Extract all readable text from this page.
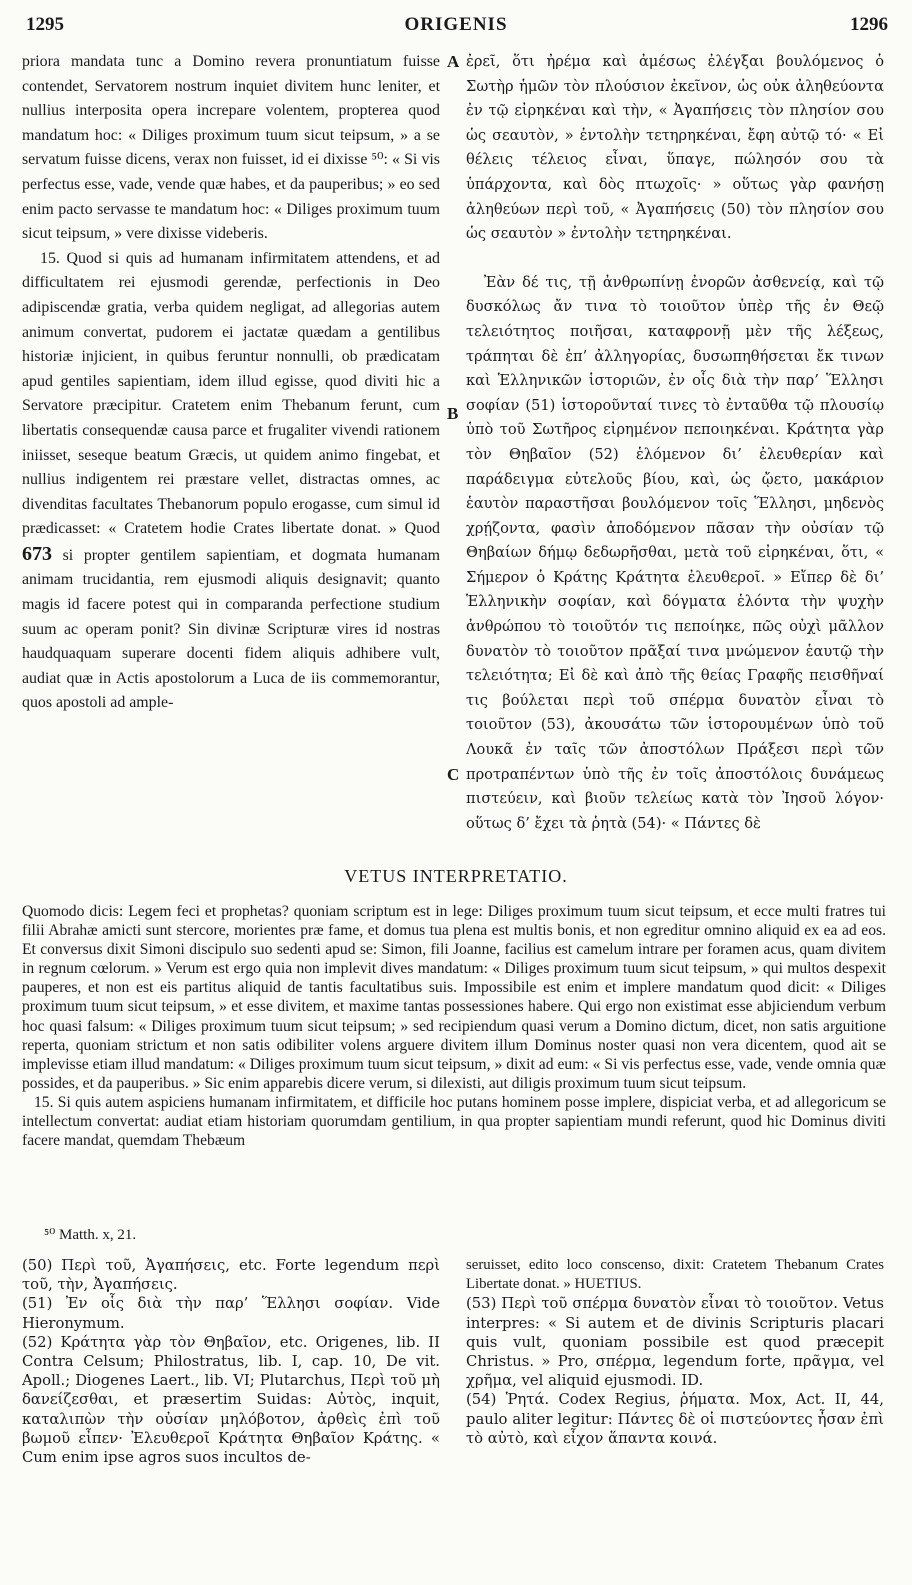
1295	ORIGENIS	1296

priora mandata tunc a Domino revera pronuntiatum fuisse contendet, Servatorem nostrum inquiet divitem hunc leniter, et nullius interposita opera increpare volentem, propterea quod mandatum hoc: « Diliges proximum tuum sicut teipsum, » a se servatum fuisse dicens, verax non fuisset, id ei dixisse ⁵⁰: « Si vis perfectus esse, vade, vende quæ habes, et da pauperibus; » eo sed enim pacto servasse te mandatum hoc: « Diliges proximum tuum sicut teipsum, » vere dixisse videberis.

15. Quod si quis ad humanam infirmitatem attendens, et ad difficultatem rei ejusmodi gerendæ, perfectionis in Deo adipiscendæ gratia, verba quidem negligat, ad allegorias autem animum convertat, pudorem ei jactatæ quædam a gentilibus historiæ injicient, in quibus feruntur nonnulli, ob prædicatam apud gentiles sapientiam, idem illud egisse, quod diviti hic a Servatore præcipitur. Cratetem enim Thebanum ferunt, cum libertatis consequendæ causa parce et frugaliter vivendi rationem iniisset, seseque beatum Græcis, ut quidem animo fingebat, et nullius indigentem rei præstare vellet, distractas omnes, ac divenditas facultates Thebanorum populo erogasse, cum simul id prædicasset: « Cratetem hodie Crates libertate donat. » Quod 673 si propter gentilem sapientiam, et dogmata humanam animam trucidantia, rem ejusmodi aliquis designavit; quanto magis id facere potest qui in comparanda perfectione studium suum ac operam ponit? Sin divinæ Scripturæ vires id nostras haudquaquam superare docenti fidem aliquis adhibere vult, audiat quæ in Actis apostolorum a Luca de iis commemorantur, quos apostoli ad ample-

A
B
C

ἐρεῖ, ὅτι ἠρέμα καὶ ἀμέσως ἐλέγξαι βουλόμενος ὁ Σωτὴρ ἡμῶν τὸν πλούσιον ἐκεῖνον, ὡς οὐκ ἀληθεύοντα ἐν τῷ εἰρηκέναι καὶ τὴν, « Ἀγαπήσεις τὸν πλησίον σου ὡς σεαυτὸν, » ἐντολὴν τετηρηκέναι, ἔφη αὐτῷ τό· « Εἰ θέλεις τέλειος εἶναι, ὕπαγε, πώλησόν σου τὰ ὑπάρχοντα, καὶ δὸς πτωχοῖς· » οὕτως γὰρ φανήσῃ ἀληθεύων περὶ τοῦ, « Ἀγαπήσεις (50) τὸν πλησίον σου ὡς σεαυτὸν » ἐντολὴν τετηρηκέναι.

Ἐὰν δέ τις, τῇ ἀνθρωπίνῃ ἐνορῶν ἀσθενείᾳ, καὶ τῷ δυσκόλως ἄν τινα τὸ τοιοῦτον ὑπὲρ τῆς ἐν Θεῷ τελειότητος ποιῆσαι, καταφρονῇ μὲν τῆς λέξεως, τράπηται δὲ ἐπ’ ἀλληγορίας, δυσωπηθήσεται ἔκ τινων καὶ Ἑλληνικῶν ἱστοριῶν, ἐν οἷς διὰ τὴν παρ’ Ἕλλησι σοφίαν (51) ἱστοροῦνταί τινες τὸ ἐνταῦθα τῷ πλουσίῳ ὑπὸ τοῦ Σωτῆρος εἰρημένον πεποιηκέναι. Κράτητα γὰρ τὸν Θηβαῖον (52) ἑλόμενον δι’ ἐλευθερίαν καὶ παράδειγμα εὐτελοῦς βίου, καὶ, ὡς ᾤετο, μακάριον ἑαυτὸν παραστῆσαι βουλόμενον τοῖς Ἕλλησι, μηδενὸς χρῄζοντα, φασὶν ἀποδόμενον πᾶσαν τὴν οὐσίαν τῷ Θηβαίων δήμῳ δεδωρῆσθαι, μετὰ τοῦ εἰρηκέναι, ὅτι, « Σήμερον ὁ Κράτης Κράτητα ἐλευθεροῖ. » Εἴπερ δὲ δι’ Ἑλληνικὴν σοφίαν, καὶ δόγματα ἑλόντα τὴν ψυχὴν ἀνθρώπου τὸ τοιοῦτόν τις πεποίηκε, πῶς οὐχὶ μᾶλλον δυνατὸν τὸ τοιοῦτον πρᾶξαί τινα μνώμενον ἑαυτῷ τὴν τελειότητα; Εἰ δὲ καὶ ἀπὸ τῆς θείας Γραφῆς πεισθῆναί τις βούλεται περὶ τοῦ σπέρμα δυνατὸν εἶναι τὸ τοιοῦτον (53), ἀκουσάτω τῶν ἱστορουμένων ὑπὸ τοῦ Λουκᾶ ἐν ταῖς τῶν ἀποστόλων Πράξεσι περὶ τῶν προτραπέντων ὑπὸ τῆς ἐν τοῖς ἀποστόλοις δυνάμεως πιστεύειν, καὶ βιοῦν τελείως κατὰ τὸν Ἰησοῦ λόγον· οὕτως δ’ ἔχει τὰ ῥητὰ (54)· « Πάντες δὲ

VETUS INTERPRETATIO.

Quomodo dicis: Legem feci et prophetas? quoniam scriptum est in lege: Diliges proximum tuum sicut teipsum, et ecce multi fratres tui filii Abrahæ amicti sunt stercore, morientes præ fame, et domus tua plena est multis bonis, et non egreditur omnino aliquid ex ea ad eos. Et conversus dixit Simoni discipulo suo sedenti apud se: Simon, fili Joanne, facilius est camelum intrare per foramen acus, quam divitem in regnum cœlorum. » Verum est ergo quia non implevit dives mandatum: « Diliges proximum tuum sicut teipsum, » qui multos despexit pauperes, et non est eis partitus aliquid de tantis facultatibus suis. Impossibile est enim et implere mandatum quod dicit: « Diliges proximum tuum sicut teipsum, » et esse divitem, et maxime tantas possessiones habere. Qui ergo non existimat esse abjiciendum verbum hoc quasi falsum: « Diliges proximum tuum sicut teipsum; » sed recipiendum quasi verum a Domino dictum, dicet, non satis arguitione reperta, quoniam strictum et non satis odibiliter volens arguere divitem illum Dominus noster quasi non vera dicentem, quod ait se implevisse etiam illud mandatum: « Diliges proximum tuum sicut teipsum, » dixit ad eum: « Si vis perfectus esse, vade, vende omnia quæ possides, et da pauperibus. » Sic enim apparebis dicere verum, si dilexisti, aut diligis proximum tuum sicut teipsum.

15. Si quis autem aspiciens humanam infirmitatem, et difficile hoc putans hominem posse implere, dispiciat verba, et ad allegoricum se intellectum convertat: audiat etiam historiam quorumdam gentilium, in qua propter sapientiam mundi referunt, quod hic Dominus diviti facere mandat, quemdam Thebæum

⁵⁰ Matth. x, 21.

(50) Περὶ τοῦ, Ἀγαπήσεις, etc. Forte legendum περὶ τοῦ, τὴν, Ἀγαπήσεις.

(51) Ἐν οἷς διὰ τὴν παρ’ Ἕλλησι σοφίαν. Vide Hieronymum.

(52) Κράτητα γὰρ τὸν Θηβαῖον, etc. Origenes, lib. II Contra Celsum; Philostratus, lib. I, cap. 10, De vit. Apoll.; Diogenes Laert., lib. VI; Plutarchus, Περὶ τοῦ μὴ δανείζεσθαι, et præsertim Suidas: Αὐτὸς, inquit, καταλιπὼν τὴν οὐσίαν μηλόβοτον, ἀρθεὶς ἐπὶ τοῦ βωμοῦ εἶπεν· Ἐλευθεροῖ Κράτητα Θηβαῖον Κράτης. « Cum enim ipse agros suos incultos de-

seruisset, edito loco conscenso, dixit: Cratetem Thebanum Crates Libertate donat. » HUETIUS.

(53) Περὶ τοῦ σπέρμα δυνατὸν εἶναι τὸ τοιοῦτον. Vetus interpres: « Si autem et de divinis Scripturis placari quis vult, quoniam possibile est quod præcepit Christus. » Pro, σπέρμα, legendum forte, πρᾶγμα, vel χρῆμα, vel aliquid ejusmodi. ID.

(54) Ῥητά. Codex Regius, ῥήματα. Mox, Act. II, 44, paulo aliter legitur: Πάντες δὲ οἱ πιστεύοντες ἦσαν ἐπὶ τὸ αὐτὸ, καὶ εἶχον ἅπαντα κοινά.
